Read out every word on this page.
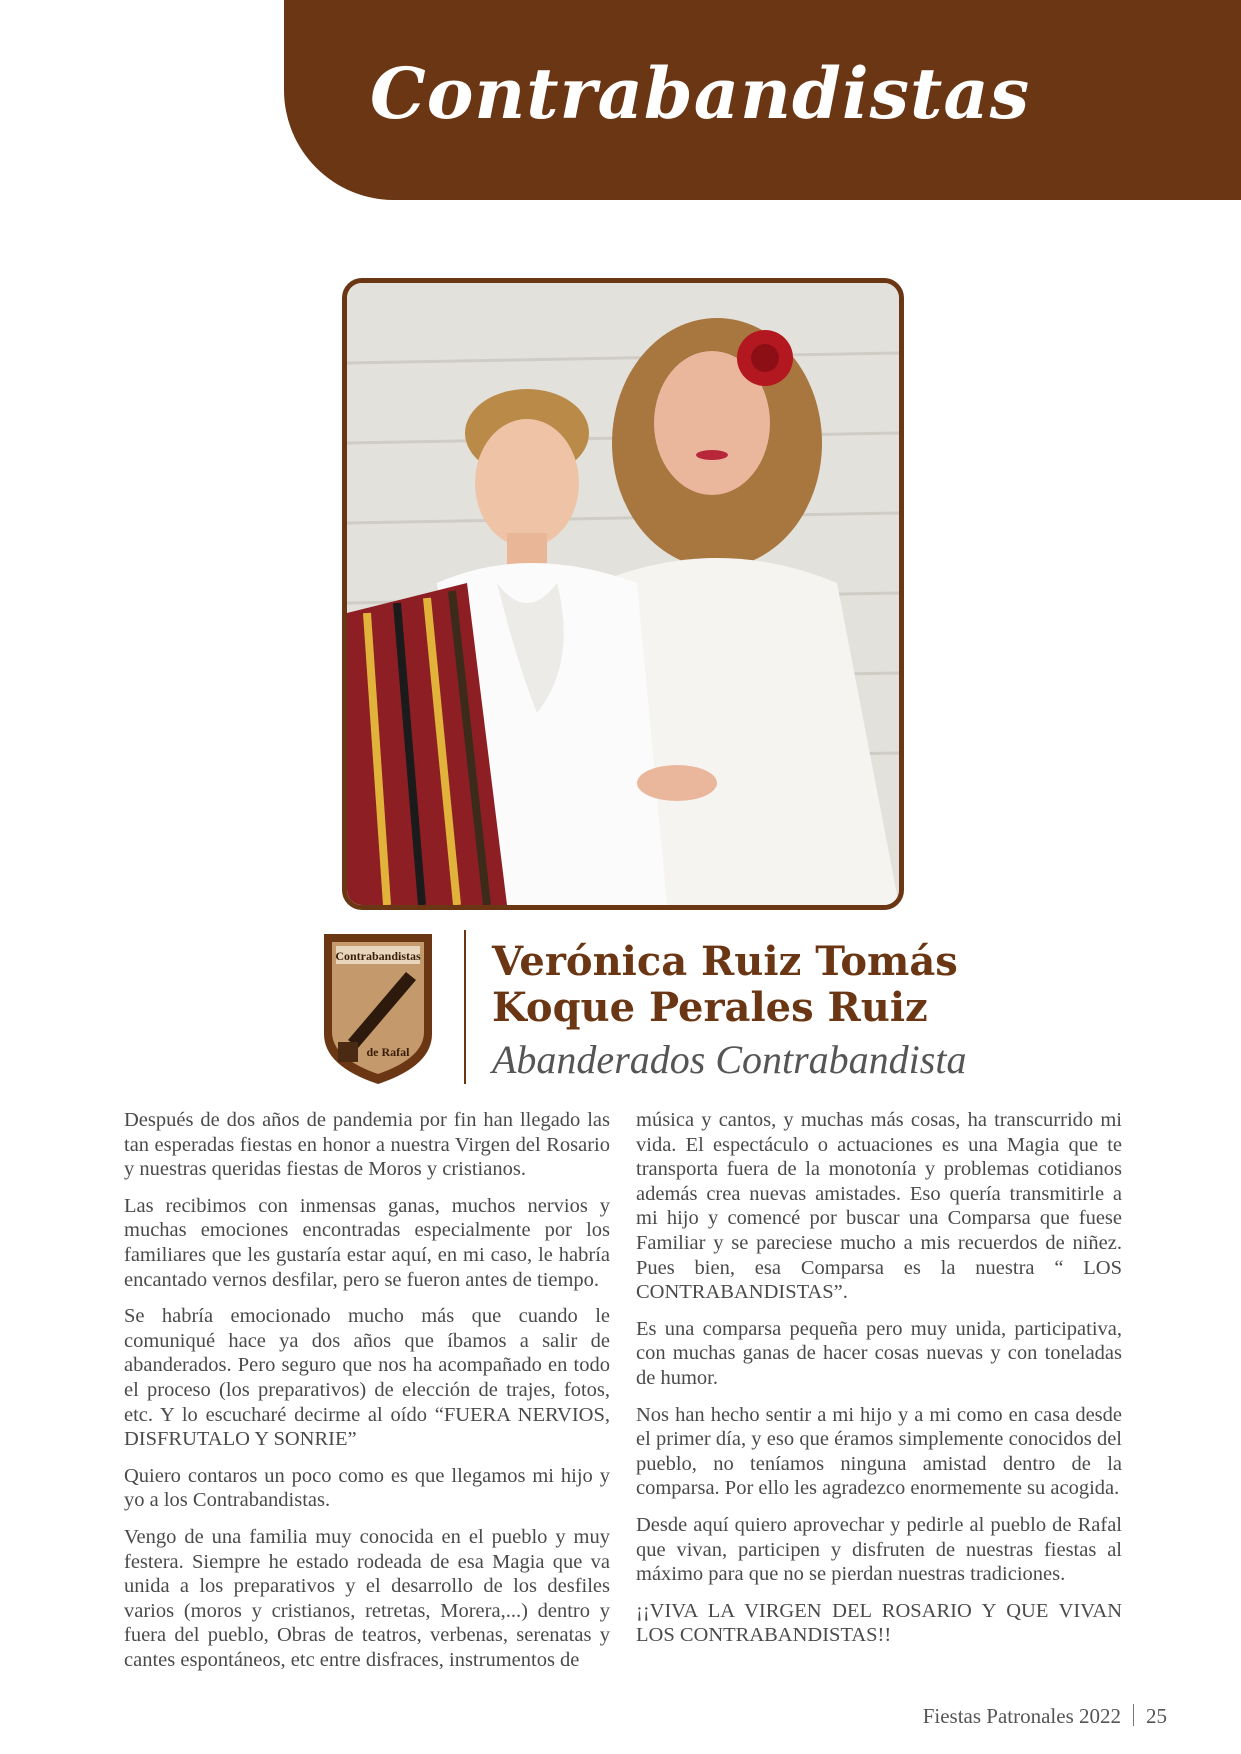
Contrabandistas
Contrabandistas
de Rafal
Verónica Ruiz Tomás
Koque Perales Ruiz
Abanderados Contrabandista

Después de dos años de pandemia por fin han llegado las tan esperadas fiestas en honor a nuestra Virgen del Rosario y nuestras queridas fiestas de Moros y cristianos.

Las recibimos con inmensas ganas, muchos nervios y muchas emociones encontradas especialmente por los familiares que les gustaría estar aquí, en mi caso, le habría encantado vernos desfilar, pero se fueron antes de tiempo.

Se habría emocionado mucho más que cuando le comuniqué hace ya dos años que íbamos a salir de abanderados. Pero seguro que nos ha acompañado en todo el proceso (los preparativos) de elección de trajes, fotos, etc. Y lo escucharé decirme al oído “FUERA NERVIOS, DISFRUTALO Y SONRIE”

Quiero contaros un poco como es que llegamos mi hijo y yo a los Contrabandistas.

Vengo de una familia muy conocida en el pueblo y muy festera. Siempre he estado rodeada de esa Magia que va unida a los preparativos y el desarrollo de los desfiles varios (moros y cristianos, retretas, Morera,...) dentro y fuera del pueblo, Obras de teatros, verbenas, serenatas y cantes espontáneos, etc entre disfraces, instrumentos de

música y cantos, y muchas más cosas, ha transcurrido mi vida. El espectáculo o actuaciones es una Magia que te transporta fuera de la monotonía y problemas cotidianos además crea nuevas amistades. Eso quería transmitirle a mi hijo y comencé por buscar una Comparsa que fuese Familiar y se pareciese mucho a mis recuerdos de niñez. Pues bien, esa Comparsa es la nuestra “ LOS CONTRABANDISTAS”.

Es una comparsa pequeña pero muy unida, participativa, con muchas ganas de hacer cosas nuevas y con toneladas de humor.

Nos han hecho sentir a mi hijo y a mi como en casa desde el primer día, y eso que éramos simplemente conocidos del pueblo, no teníamos ninguna amistad dentro de la comparsa. Por ello les agradezco enormemente su acogida.

Desde aquí quiero aprovechar y pedirle al pueblo de Rafal que vivan, participen y disfruten de nuestras fiestas al máximo para que no se pierdan nuestras tradiciones.

¡¡VIVA LA VIRGEN DEL ROSARIO Y QUE VIVAN LOS CONTRABANDISTAS!!

Fiestas Patronales 2022 25
